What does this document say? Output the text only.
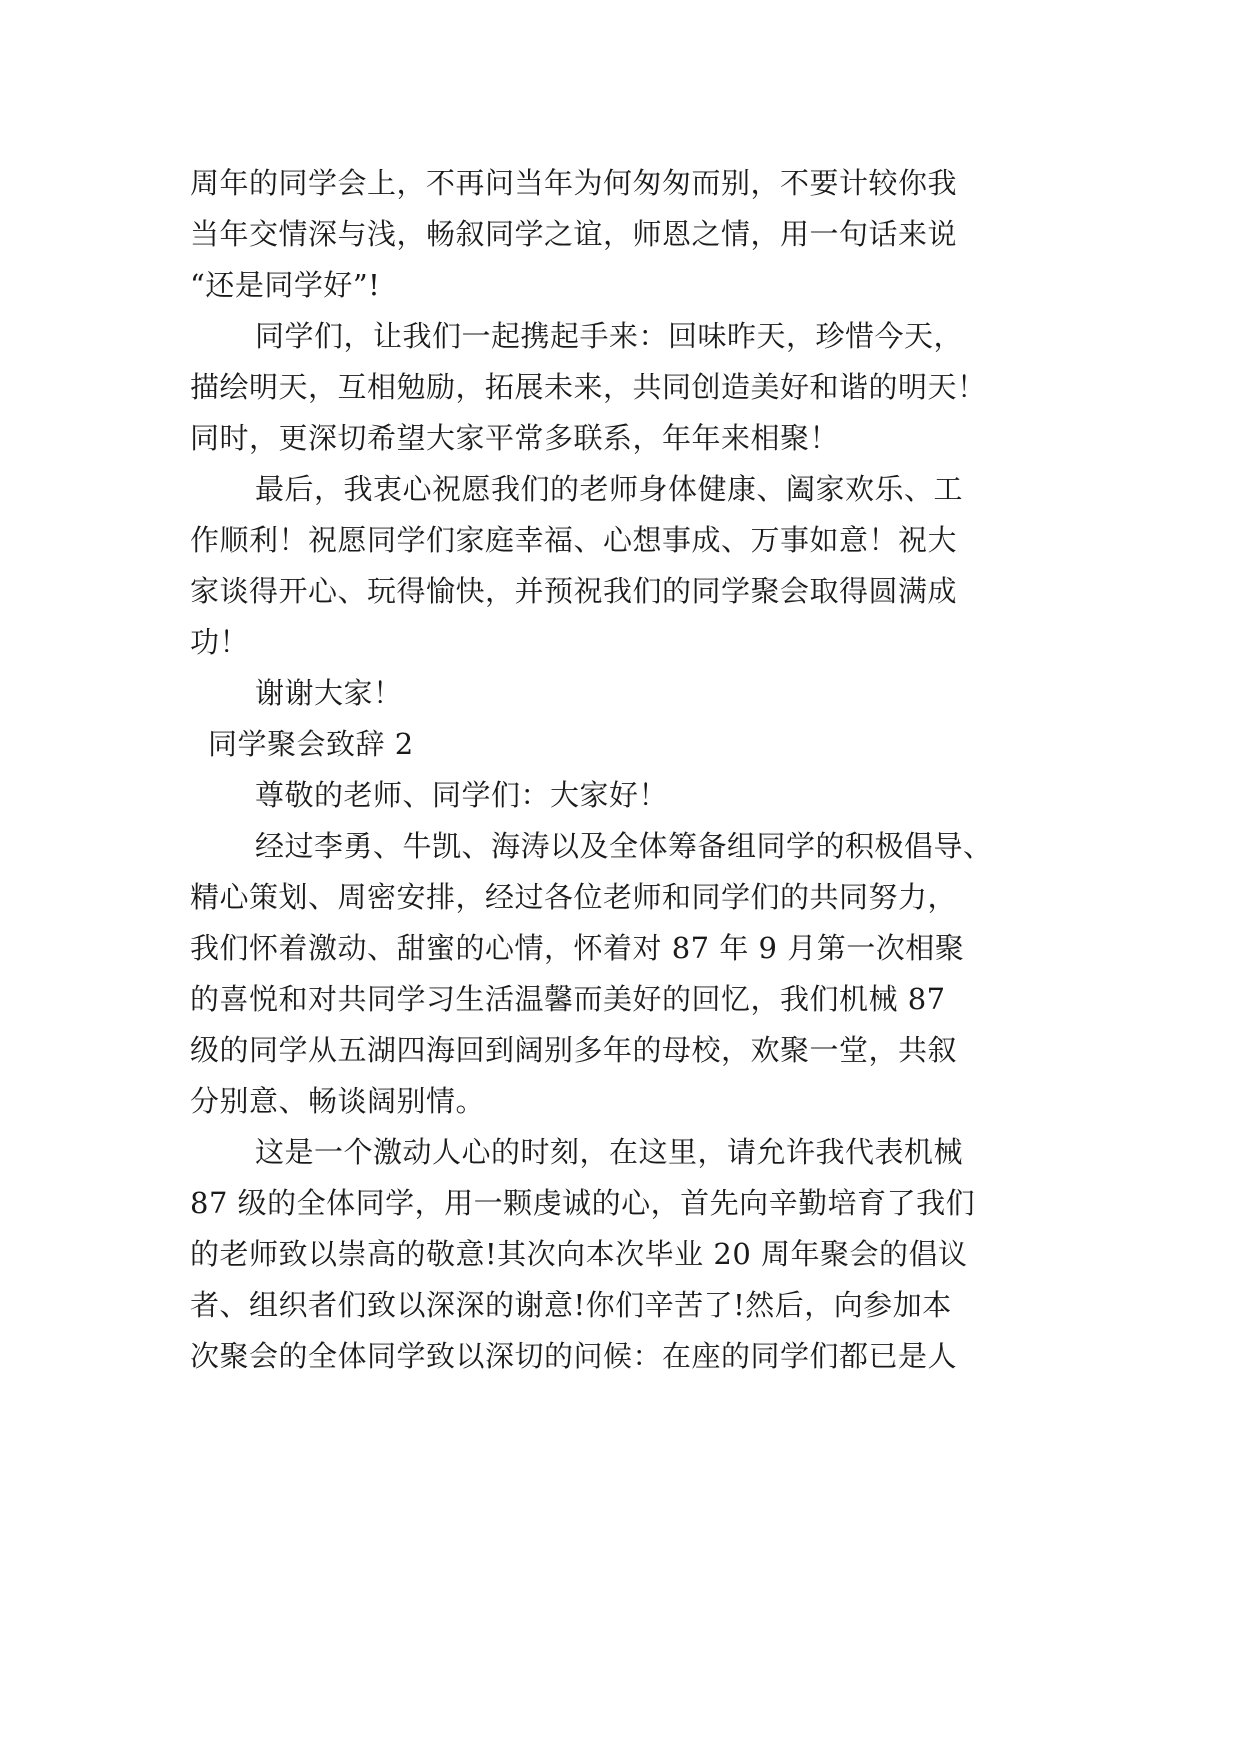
周年的同学会上，不再问当年为何匆匆而别，不要计较你我
当年交情深与浅，畅叙同学之谊，师恩之情，用一句话来说
“还是同学好”!
同学们，让我们一起携起手来：回味昨天，珍惜今天，
描绘明天，互相勉励，拓展未来，共同创造美好和谐的明天！
同时，更深切希望大家平常多联系，年年来相聚！
最后，我衷心祝愿我们的老师身体健康、阖家欢乐、工
作顺利！祝愿同学们家庭幸福、心想事成、万事如意！祝大
家谈得开心、玩得愉快，并预祝我们的同学聚会取得圆满成
功！
谢谢大家！
同学聚会致辞 2
尊敬的老师、同学们：大家好！
经过李勇、牛凯、海涛以及全体筹备组同学的积极倡导、
精心策划、周密安排，经过各位老师和同学们的共同努力，
我们怀着激动、甜蜜的心情，怀着对 87 年 9 月第一次相聚
的喜悦和对共同学习生活温馨而美好的回忆，我们机械 87
级的同学从五湖四海回到阔别多年的母校，欢聚一堂，共叙
分别意、畅谈阔别情。
这是一个激动人心的时刻，在这里，请允许我代表机械
87 级的全体同学，用一颗虔诚的心，首先向辛勤培育了我们
的老师致以崇高的敬意!其次向本次毕业 20 周年聚会的倡议
者、组织者们致以深深的谢意!你们辛苦了!然后，向参加本
次聚会的全体同学致以深切的问候：在座的同学们都已是人
